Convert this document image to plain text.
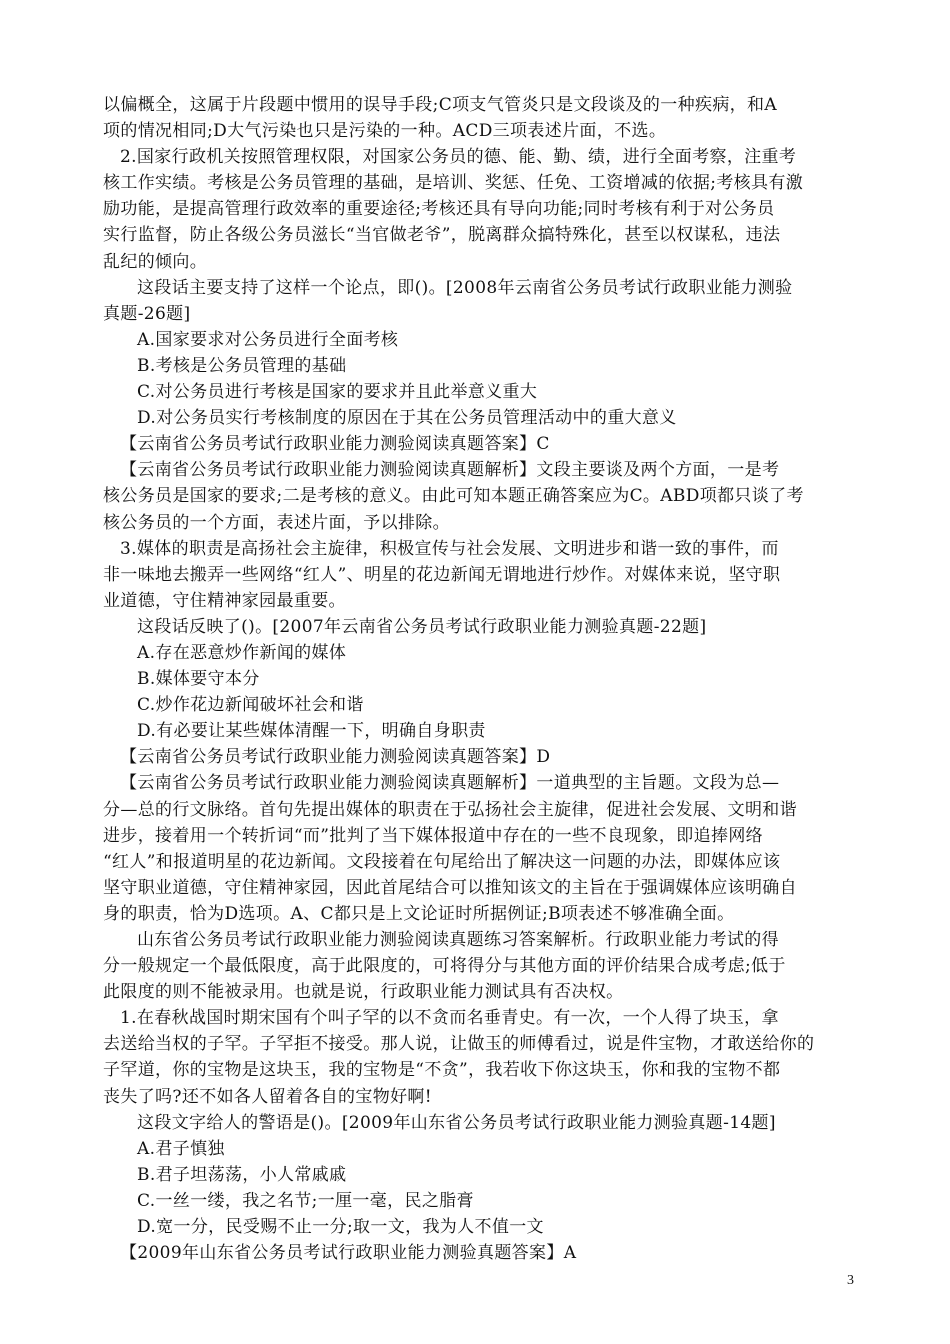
以偏概全，这属于片段题中惯用的误导手段;C项支气管炎只是文段谈及的一种疾病，和A
项的情况相同;D大气污染也只是污染的一种。ACD三项表述片面，不选。
2.国家行政机关按照管理权限，对国家公务员的德、能、勤、绩，进行全面考察，注重考
核工作实绩。考核是公务员管理的基础，是培训、奖惩、任免、工资增减的依据;考核具有激
励功能，是提高管理行政效率的重要途径;考核还具有导向功能;同时考核有利于对公务员
实行监督，防止各级公务员滋长“当官做老爷”，脱离群众搞特殊化，甚至以权谋私，违法
乱纪的倾向。
这段话主要支持了这样一个论点，即()。[2008年云南省公务员考试行政职业能力测验
真题-26题]
A.国家要求对公务员进行全面考核
B.考核是公务员管理的基础
C.对公务员进行考核是国家的要求并且此举意义重大
D.对公务员实行考核制度的原因在于其在公务员管理活动中的重大意义
【云南省公务员考试行政职业能力测验阅读真题答案】C
【云南省公务员考试行政职业能力测验阅读真题解析】文段主要谈及两个方面，一是考
核公务员是国家的要求;二是考核的意义。由此可知本题正确答案应为C。ABD项都只谈了考
核公务员的一个方面，表述片面，予以排除。
3.媒体的职责是高扬社会主旋律，积极宣传与社会发展、文明进步和谐一致的事件，而
非一味地去搬弄一些网络“红人”、明星的花边新闻无谓地进行炒作。对媒体来说，坚守职
业道德，守住精神家园最重要。
这段话反映了()。[2007年云南省公务员考试行政职业能力测验真题-22题]
A.存在恶意炒作新闻的媒体
B.媒体要守本分
C.炒作花边新闻破坏社会和谐
D.有必要让某些媒体清醒一下，明确自身职责
【云南省公务员考试行政职业能力测验阅读真题答案】D
【云南省公务员考试行政职业能力测验阅读真题解析】一道典型的主旨题。文段为总—
分—总的行文脉络。首句先提出媒体的职责在于弘扬社会主旋律，促进社会发展、文明和谐
进步，接着用一个转折词“而”批判了当下媒体报道中存在的一些不良现象，即追捧网络
“红人”和报道明星的花边新闻。文段接着在句尾给出了解决这一问题的办法，即媒体应该
坚守职业道德，守住精神家园，因此首尾结合可以推知该文的主旨在于强调媒体应该明确自
身的职责，恰为D选项。A、C都只是上文论证时所据例证;B项表述不够准确全面。
山东省公务员考试行政职业能力测验阅读真题练习答案解析。行政职业能力考试的得
分一般规定一个最低限度，高于此限度的，可将得分与其他方面的评价结果合成考虑;低于
此限度的则不能被录用。也就是说，行政职业能力测试具有否决权。
1.在春秋战国时期宋国有个叫子罕的以不贪而名垂青史。有一次，一个人得了块玉，拿
去送给当权的子罕。子罕拒不接受。那人说，让做玉的师傅看过，说是件宝物，才敢送给你的
子罕道，你的宝物是这块玉，我的宝物是“不贪”，我若收下你这块玉，你和我的宝物不都
丧失了吗?还不如各人留着各自的宝物好啊!
这段文字给人的警语是()。[2009年山东省公务员考试行政职业能力测验真题-14题]
A.君子慎独
B.君子坦荡荡，小人常戚戚
C.一丝一缕，我之名节;一厘一毫，民之脂膏
D.宽一分，民受赐不止一分;取一文，我为人不值一文
【2009年山东省公务员考试行政职业能力测验真题答案】A
3
